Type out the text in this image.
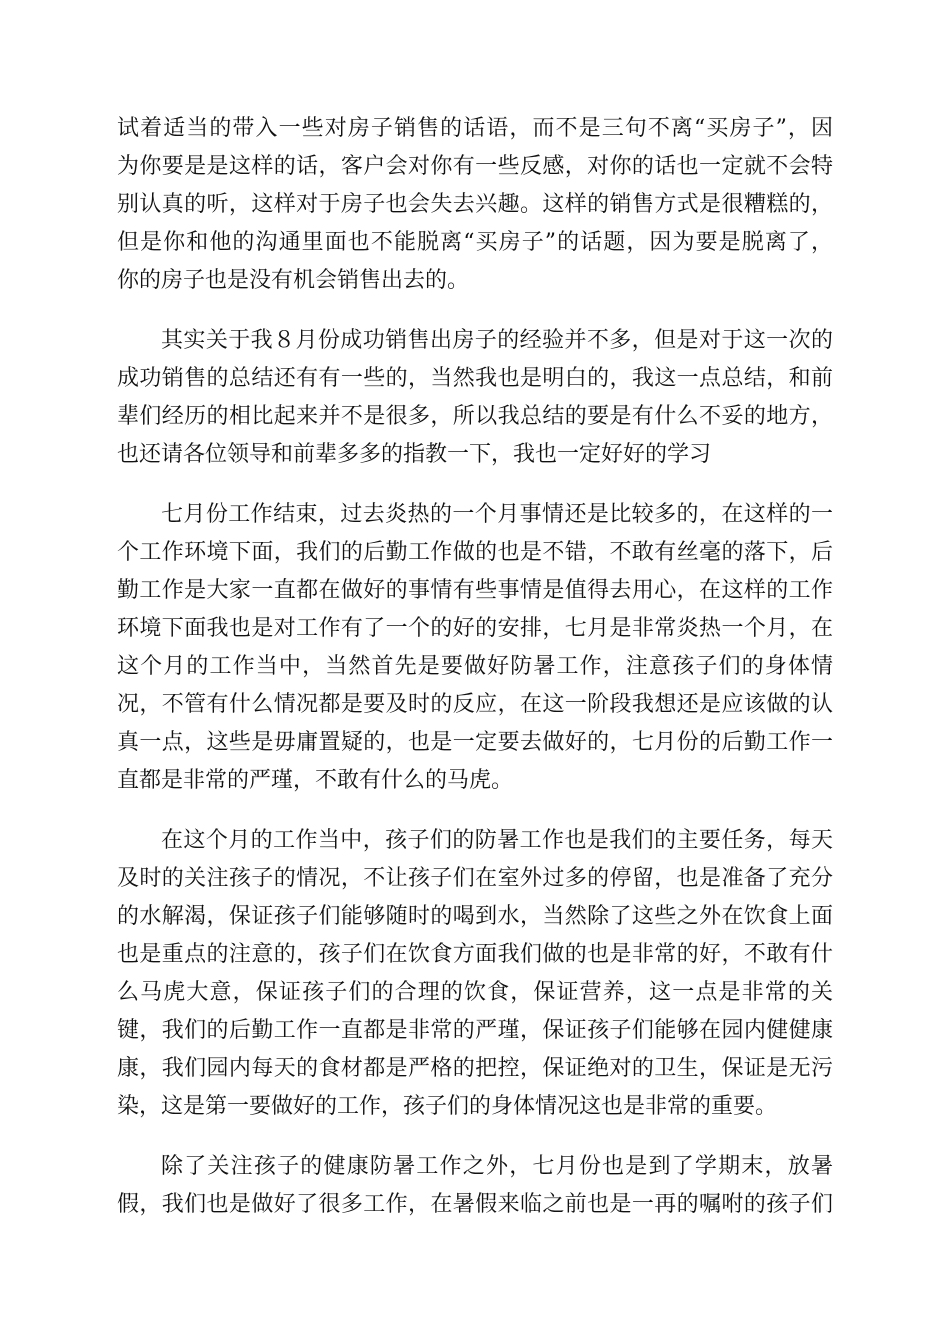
试着适当的带入一些对房子销售的话语，而不是三句不离“买房子”，因
为你要是是这样的话，客户会对你有一些反感，对你的话也一定就不会特
别认真的听，这样对于房子也会失去兴趣。这样的销售方式是很糟糕的，
但是你和他的沟通里面也不能脱离“买房子”的话题，因为要是脱离了，
你的房子也是没有机会销售出去的。
其实关于我８月份成功销售出房子的经验并不多，但是对于这一次的
成功销售的总结还有有一些的，当然我也是明白的，我这一点总结，和前
辈们经历的相比起来并不是很多，所以我总结的要是有什么不妥的地方，
也还请各位领导和前辈多多的指教一下，我也一定好好的学习
七月份工作结束，过去炎热的一个月事情还是比较多的，在这样的一
个工作环境下面，我们的后勤工作做的也是不错，不敢有丝毫的落下，后
勤工作是大家一直都在做好的事情有些事情是值得去用心，在这样的工作
环境下面我也是对工作有了一个的好的安排，七月是非常炎热一个月，在
这个月的工作当中，当然首先是要做好防暑工作，注意孩子们的身体情
况，不管有什么情况都是要及时的反应，在这一阶段我想还是应该做的认
真一点，这些是毋庸置疑的，也是一定要去做好的，七月份的后勤工作一
直都是非常的严瑾，不敢有什么的马虎。
在这个月的工作当中，孩子们的防暑工作也是我们的主要任务，每天
及时的关注孩子的情况，不让孩子们在室外过多的停留，也是准备了充分
的水解渴，保证孩子们能够随时的喝到水，当然除了这些之外在饮食上面
也是重点的注意的，孩子们在饮食方面我们做的也是非常的好，不敢有什
么马虎大意，保证孩子们的合理的饮食，保证营养，这一点是非常的关
键，我们的后勤工作一直都是非常的严瑾，保证孩子们能够在园内健健康
康，我们园内每天的食材都是严格的把控，保证绝对的卫生，保证是无污
染，这是第一要做好的工作，孩子们的身体情况这也是非常的重要。
除了关注孩子的健康防暑工作之外，七月份也是到了学期末，放暑
假，我们也是做好了很多工作，在暑假来临之前也是一再的嘱咐的孩子们
